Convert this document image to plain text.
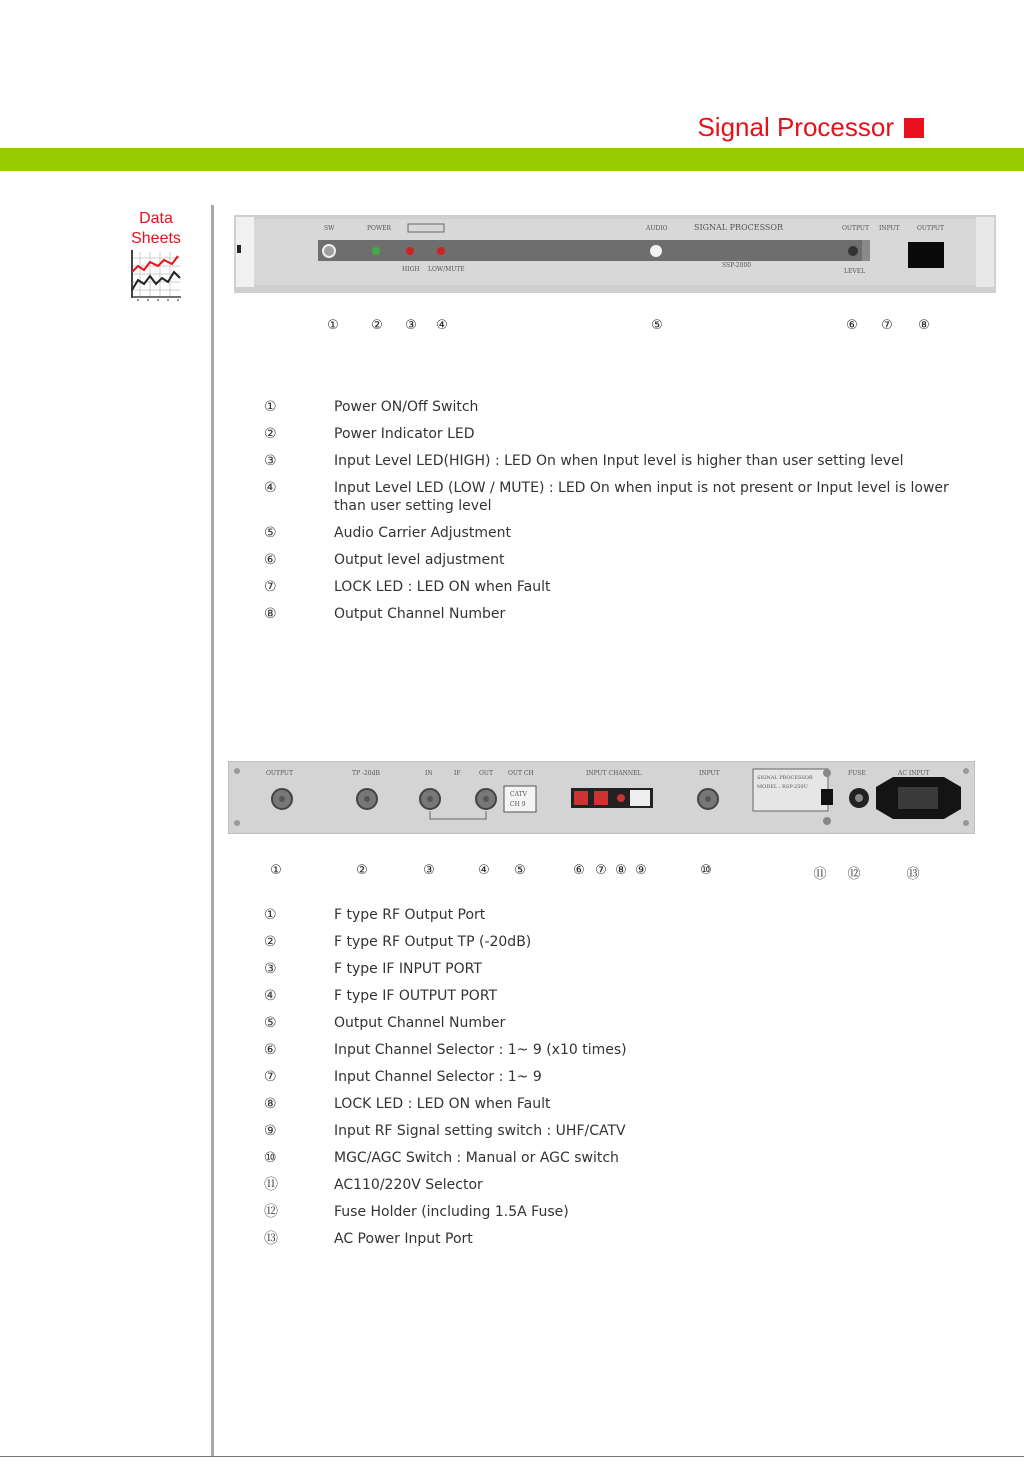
Signal Processor
Data
Sheets
SW	POWER
HIGH LOW/MUTE
AUDIO	OUTPUT
LEVEL
INPUT	OUTPUT
SIGNAL PROCESSOR
SSP-2000
① ② ③ ④	⑤	⑥ ⑦ ⑧
①	Power ON/Off Switch
②	Power Indicator LED
③	Input Level LED(HIGH) : LED On when Input level is higher than user setting level
④	Input Level LED (LOW / MUTE) : LED On when input is not present or Input level is lower than user setting level
⑤	Audio Carrier Adjustment
⑥	Output level adjustment
⑦	LOCK LED : LED ON when Fault
⑧	Output Channel Number
OUTPUT	TP -20dB	IN	IF	OUT	OUT CH
CATV
CH 9
INPUT CHANNEL	INPUT	FUSE	AC INPUT
SIGNAL PROCESSOR
MODEL : RSP-250U
①	②	③	④ ⑤	⑥ ⑦ ⑧ ⑨	⑩	⑪ ⑫	⑬
①	F type RF Output Port
②	F type RF Output TP (-20dB)
③	F type IF INPUT PORT
④	F type IF OUTPUT PORT
⑤	Output Channel Number
⑥	Input Channel Selector : 1~ 9 (x10 times)
⑦	Input Channel Selector : 1~ 9
⑧	LOCK LED : LED ON when Fault
⑨	Input RF Signal setting switch : UHF/CATV
⑩	MGC/AGC Switch : Manual or AGC switch
⑪	AC110/220V Selector
⑫	Fuse Holder (including 1.5A Fuse)
⑬	AC Power Input Port
